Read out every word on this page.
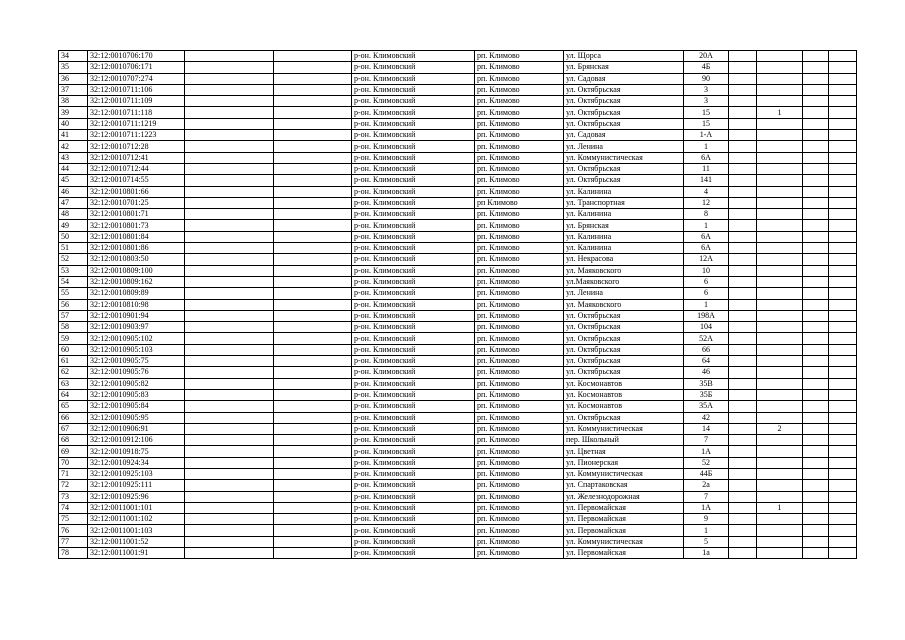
34	32:12:0010706:170			р-он. Климовский	рп. Климово	ул. Щорса	20А				
35	32:12:0010706:171			р-он. Климовский	рп. Климово	ул. Брянская	4Б				
36	32:12:0010707:274			р-он. Климовский	рп. Климово	ул. Садовая	90				
37	32:12:0010711:106			р-он. Климовский	рп. Климово	ул. Октябрьская	3				
38	32:12:0010711:109			р-он. Климовский	рп. Климово	ул. Октябрьская	3				
39	32:12:0010711:118			р-он. Климовский	рп. Климово	ул. Октябрьская	15		1		
40	32:12:0010711:1219			р-он. Климовский	рп. Климово	ул. Октябрьская	15				
41	32:12:0010711:1223			р-он. Климовский	рп. Климово	ул. Садовая	1-А				
42	32:12:0010712:28			р-он. Климовский	рп. Климово	ул. Ленина	1				
43	32:12:0010712:41			р-он. Климовский	рп. Климово	ул. Коммунистическая	6А				
44	32:12:0010712:44			р-он. Климовский	рп. Климово	ул. Октябрьская	11				
45	32:12:0010714:55			р-он. Климовский	рп. Климово	ул. Октябрьская	141				
46	32:12:0010801:66			р-он. Климовский	рп. Климово	ул. Калинина	4				
47	32:12:0010701:25			р-он. Климовский	рп Климово	ул. Транспортная	12				
48	32:12:0010801:71			р-он. Климовский	рп. Климово	ул. Калинина	8				
49	32:12:0010801:73			р-он. Климовский	рп. Климово	ул. Брянская	1				
50	32:12:0010801:84			р-он. Климовский	рп. Климово	ул. Калинина	6А				
51	32:12:0010801:86			р-он. Климовский	рп. Климово	ул. Калинина	6А				
52	32:12:0010803:50			р-он. Климовский	рп. Климово	ул. Некрасова	12А				
53	32:12:0010809:100			р-он. Климовский	рп. Климово	ул. Маяковского	10				
54	32:12:0010809:162			р-он. Климовский	рп. Климово	ул.Маяковского	6				
55	32:12:0010809:89			р-он. Климовский	рп. Климово	ул. Ленина	6				
56	32:12:0010810:98			р-он. Климовский	рп. Климово	ул. Маяковского	1				
57	32:12:0010901:94			р-он. Климовский	рп. Климово	ул. Октябрьская	198А				
58	32:12:0010903:97			р-он. Климовский	рп. Климово	ул. Октябрьская	104				
59	32:12:0010905:102			р-он. Климовский	рп. Климово	ул. Октябрьская	52А				
60	32:12:0010905:103			р-он. Климовский	рп. Климово	ул. Октябрьская	66				
61	32:12:0010905:75			р-он. Климовский	рп. Климово	ул. Октябрьская	64				
62	32:12:0010905:76			р-он. Климовский	рп. Климово	ул. Октябрьская	46				
63	32:12:0010905:82			р-он. Климовский	рп. Климово	ул. Космонавтов	35В				
64	32:12:0010905:83			р-он. Климовский	рп. Климово	ул. Космонавтов	35Б				
65	32:12:0010905:84			р-он. Климовский	рп. Климово	ул. Космонавтов	35А				
66	32:12:0010905:95			р-он. Климовский	рп. Климово	ул. Октябрьская	42				
67	32:12:0010906:91			р-он. Климовский	рп. Климово	ул. Коммунистическая	14		2		
68	32:12:0010912:106			р-он. Климовский	рп. Климово	пер. Школьный	7				
69	32:12:0010918:75			р-он. Климовский	рп. Климово	ул. Цветная	1А				
70	32:12:0010924:34			р-он. Климовский	рп. Климово	ул. Пионерская	52				
71	32:12:0010925:103			р-он. Климовский	рп. Климово	ул. Коммунистическая	44Б				
72	32:12:0010925:111			р-он. Климовский	рп. Климово	ул. Спартаковская	2а				
73	32:12:0010925:96			р-он. Климовский	рп. Климово	ул. Железнодорожная	7				
74	32:12:0011001:101			р-он. Климовский	рп. Климово	ул. Первомайская	1А		1		
75	32:12:0011001:102			р-он. Климовский	рп. Климово	ул. Первомайская	9				
76	32:12:0011001:103			р-он. Климовский	рп. Климово	ул. Первомайская	1				
77	32:12:0011001:52			р-он. Климовский	рп. Климово	ул. Коммунистическая	5				
78	32:12:0011001:91			р-он. Климовский	рп. Климово	ул. Первомайская	1а				
